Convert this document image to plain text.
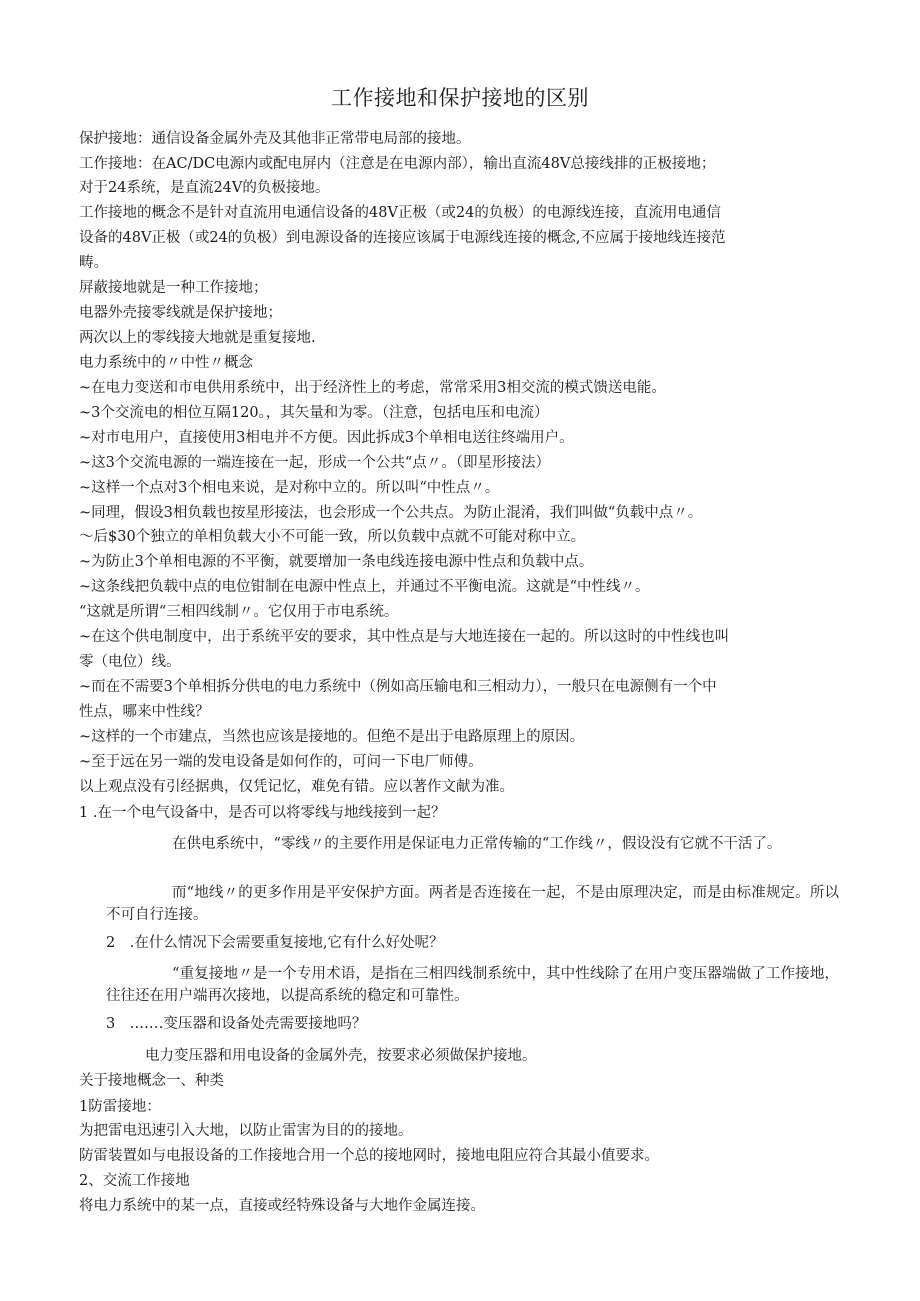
工作接地和保护接地的区别
保护接地：通信设备金属外壳及其他非正常带电局部的接地。
工作接地：在AC/DC电源内或配电屏内（注意是在电源内部），输出直流48V总接线排的正极接地；
对于24系统，是直流24V的负极接地。
工作接地的概念不是针对直流用电通信设备的48V正极（或24的负极）的电源线连接，直流用电通信
设备的48V正极（或24的负极）到电源设备的连接应该属于电源线连接的概念,不应属于接地线连接范
畴。
屏蔽接地就是一种工作接地；
电器外壳接零线就是保护接地；
两次以上的零线接大地就是重复接地.
电力系统中的〃中性〃概念
~在电力变送和市电供用系统中，出于经济性上的考虑，常常采用3相交流的模式馈送电能。
~3个交流电的相位互隔120。，其矢量和为零。（注意，包括电压和电流）
~对市电用户，直接使用3相电并不方便。因此拆成3个单相电送往终端用户。
~这3个交流电源的一端连接在一起，形成一个公共“点〃。（即星形接法）
~这样一个点对3个相电来说，是对称中立的。所以叫“中性点〃。
~同理，假设3相负载也按星形接法，也会形成一个公共点。为防止混淆，我们叫做“负载中点〃。
〜后$30个独立的单相负载大小不可能一致，所以负载中点就不可能对称中立。
~为防止3个单相电源的不平衡，就要增加一条电线连接电源中性点和负载中点。
~这条线把负载中点的电位钳制在电源中性点上，并通过不平衡电流。这就是“中性线〃。
“这就是所谓“三相四线制〃。它仅用于市电系统。
~在这个供电制度中，出于系统平安的要求，其中性点是与大地连接在一起的。所以这时的中性线也叫
零（电位）线。
~而在不需要3个单相拆分供电的电力系统中（例如高压输电和三相动力），一般只在电源侧有一个中
性点，哪来中性线？
~这样的一个市建点，当然也应该是接地的。但绝不是出于电路原理上的原因。
~至于远在另一端的发电设备是如何作的，可问一下电厂师傅。
以上观点没有引经据典，仅凭记忆，难免有错。应以著作文献为准。
1 .在一个电气设备中，是否可以将零线与地线接到一起？
在供电系统中，“零线〃的主要作用是保证电力正常传输的“工作线〃，假设没有它就不干活了。
而“地线〃的更多作用是平安保护方面。两者是否连接在一起，不是由原理决定，而是由标准规定。所以不可自行连接。
2　.在什么情况下会需要重复接地,它有什么好处呢？
“重复接地〃是一个专用术语，是指在三相四线制系统中，其中性线除了在用户变压器端做了工作接地，往往还在用户端再次接地，以提高系统的稳定和可靠性。
3　.……变压器和设备处壳需要接地吗？
电力变压器和用电设备的金属外壳，按要求必须做保护接地。
关于接地概念一、种类
1防雷接地：
为把雷电迅速引入大地，以防止雷害为目的的接地。
防雷装置如与电报设备的工作接地合用一个总的接地网时，接地电阻应符合其最小值要求。
2、交流工作接地
将电力系统中的某一点，直接或经特殊设备与大地作金属连接。
